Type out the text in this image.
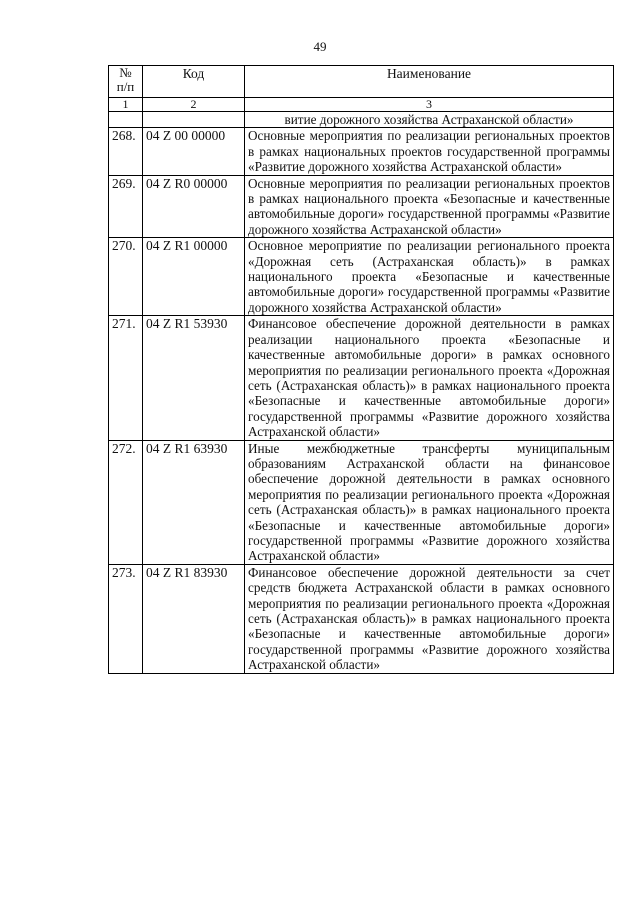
49
№
п/п	Код	Наименование
1	2	3
		витие дорожного хозяйства Астраханской области»
268.	04 Z 00 00000	Основные мероприятия по реализации региональных проектов в рамках национальных проектов государственной программы «Развитие дорожного хозяйства Астраханской области»
269.	04 Z R0 00000	Основные мероприятия по реализации региональных проектов в рамках национального проекта «Безопасные и качественные автомобильные дороги» государственной программы «Развитие дорожного хозяйства Астраханской области»
270.	04 Z R1 00000	Основное мероприятие по реализации регионального проекта «Дорожная сеть (Астраханская область)» в рамках национального проекта «Безопасные и качественные автомобильные дороги» государственной программы «Развитие дорожного хозяйства Астраханской области»
271.	04 Z R1 53930	Финансовое обеспечение дорожной деятельности в рамках реализации национального проекта «Безопасные и качественные автомобильные дороги» в рамках основного мероприятия по реализации регионального проекта «Дорожная сеть (Астраханская область)» в рамках национального проекта «Безопасные и качественные автомобильные дороги» государственной программы «Развитие дорожного хозяйства Астраханской области»
272.	04 Z R1 63930	Иные межбюджетные трансферты муниципальным образованиям Астраханской области на финансовое обеспечение дорожной деятельности в рамках основного мероприятия по реализации регионального проекта «Дорожная сеть (Астраханская область)» в рамках национального проекта «Безопасные и качественные автомобильные дороги» государственной программы «Развитие дорожного хозяйства Астраханской области»
273.	04 Z R1 83930	Финансовое обеспечение дорожной деятельности за счет средств бюджета Астраханской области в рамках основного мероприятия по реализации регионального проекта «Дорожная сеть (Астраханская область)» в рамках национального проекта «Безопасные и качественные автомобильные дороги» государственной программы «Развитие дорожного хозяйства Астраханской области»
